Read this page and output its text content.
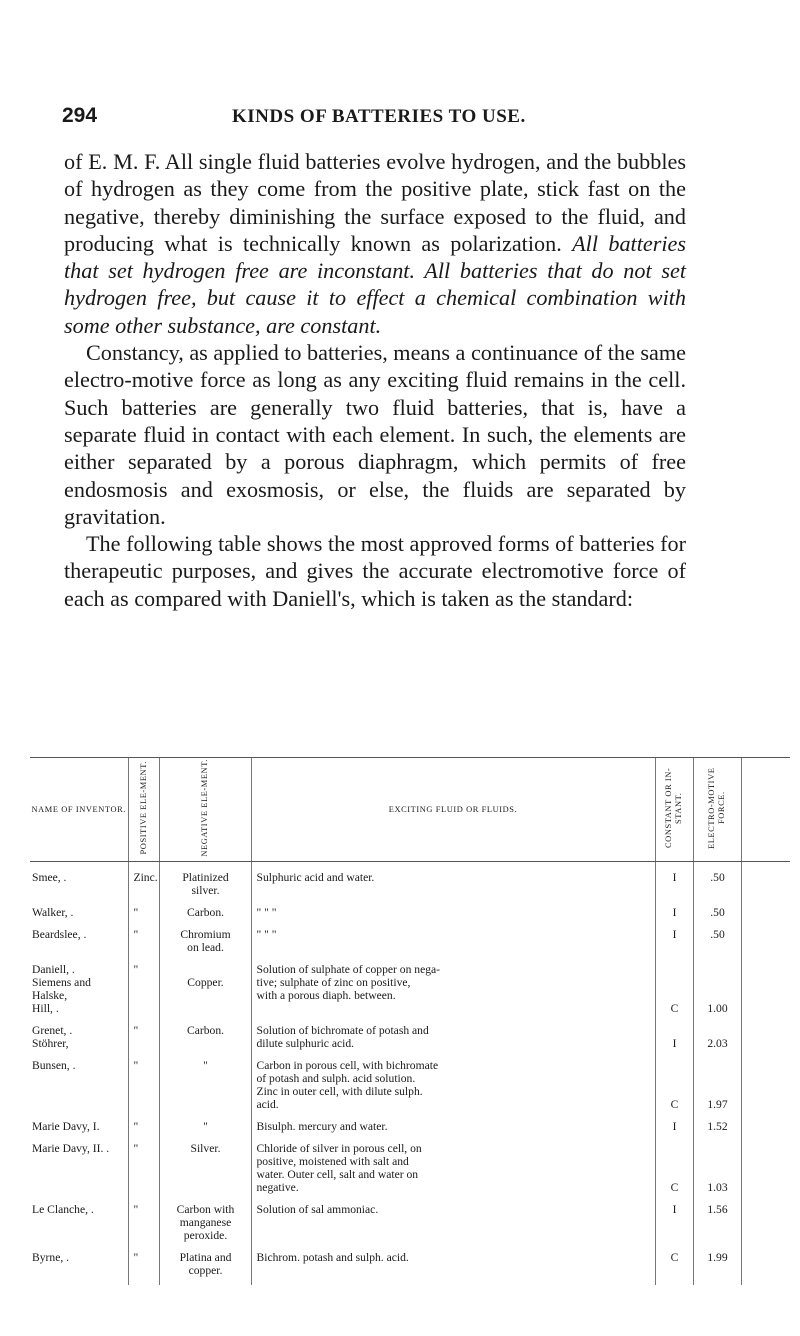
294	KINDS OF BATTERIES TO USE.

of E. M. F. All single fluid batteries evolve hydrogen, and the bubbles of hydrogen as they come from the positive plate, stick fast on the negative, thereby diminishing the surface exposed to the fluid, and producing what is technically known as polarization. All batteries that set hydrogen free are inconstant. All batteries that do not set hydrogen free, but cause it to effect a chemical combination with some other substance, are constant.

Constancy, as applied to batteries, means a continuance of the same electro-motive force as long as any exciting fluid remains in the cell. Such batteries are generally two fluid batteries, that is, have a separate fluid in contact with each element. In such, the elements are either separated by a porous diaphragm, which permits of free endosmosis and exosmosis, or else, the fluids are separated by gravitation.

The following table shows the most approved forms of batteries for therapeutic purposes, and gives the accurate electromotive force of each as compared with Daniell's, which is taken as the standard:

NAME OF INVENTOR.	POSITIVE ELE-MENT.	NEGATIVE ELE-MENT.	EXCITING FLUID OR FLUIDS.	CONSTANT OR IN-STANT.	ELECTRO-MOTIVE FORCE.	

Smee, .	Zinc.	Platinized
silver.	Sulphuric acid and water.	I	.50	

Walker, .	"	Carbon.	" " "	I	.50	

Beardslee, .	"	Chromium
on lead.	" " "	I	.50	

Daniell, .
Siemens and
Halske,
Hill, .	"	Copper.	Solution of sulphate of copper on nega-
tive; sulphate of zinc on positive,
with a porous diaph. between.	C	1.00	

Grenet, .
Stöhrer,	"	Carbon.	Solution of bichromate of potash and
dilute sulphuric acid.	I	2.03	

Bunsen, .	"	"	Carbon in porous cell, with bichromate
of potash and sulph. acid solution.
Zinc in outer cell, with dilute sulph.
acid.	C	1.97	

Marie Davy, I.	"	"	Bisulph. mercury and water.	I	1.52	

Marie Davy, II. .	"	Silver.	Chloride of silver in porous cell, on
positive, moistened with salt and
water. Outer cell, salt and water on
negative.	C	1.03	

Le Clanche, .	"	Carbon with
manganese
peroxide.	Solution of sal ammoniac.	I	1.56	

Byrne, .	"	Platina and
copper.	Bichrom. potash and sulph. acid.	C	1.99	
